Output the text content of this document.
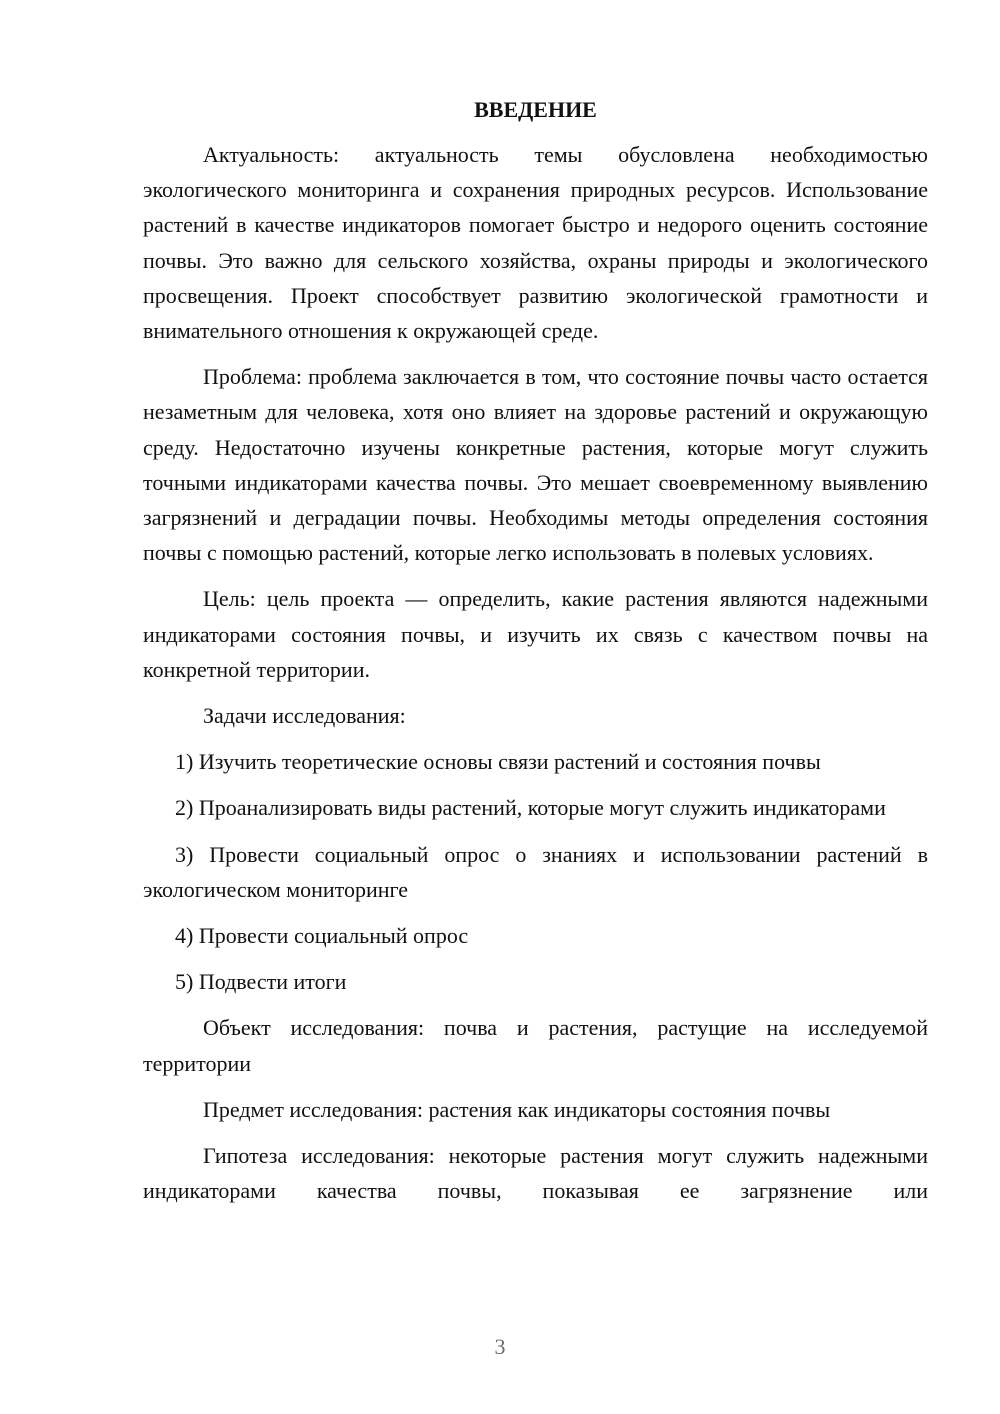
ВВЕДЕНИЕ

Актуальность: актуальность темы обусловлена необходимостью экологического мониторинга и сохранения природных ресурсов. Использование растений в качестве индикаторов помогает быстро и недорого оценить состояние почвы. Это важно для сельского хозяйства, охраны природы и экологического просвещения. Проект способствует развитию экологической грамотности и внимательного отношения к окружающей среде.

Проблема: проблема заключается в том, что состояние почвы часто остается незаметным для человека, хотя оно влияет на здоровье растений и окружающую среду. Недостаточно изучены конкретные растения, которые могут служить точными индикаторами качества почвы. Это мешает своевременному выявлению загрязнений и деградации почвы. Необходимы методы определения состояния почвы с помощью растений, которые легко использовать в полевых условиях.

Цель: цель проекта — определить, какие растения являются надежными индикаторами состояния почвы, и изучить их связь с качеством почвы на конкретной территории.

Задачи исследования:

1) Изучить теоретические основы связи растений и состояния почвы

2) Проанализировать виды растений, которые могут служить индикаторами

3) Провести социальный опрос о знаниях и использовании растений в экологическом мониторинге

4) Провести социальный опрос

5) Подвести итоги

Объект исследования: почва и растения, растущие на исследуемой территории

Предмет исследования: растения как индикаторы состояния почвы

Гипотеза исследования: некоторые растения могут служить надежными индикаторами качества почвы, показывая ее загрязнение или

3
